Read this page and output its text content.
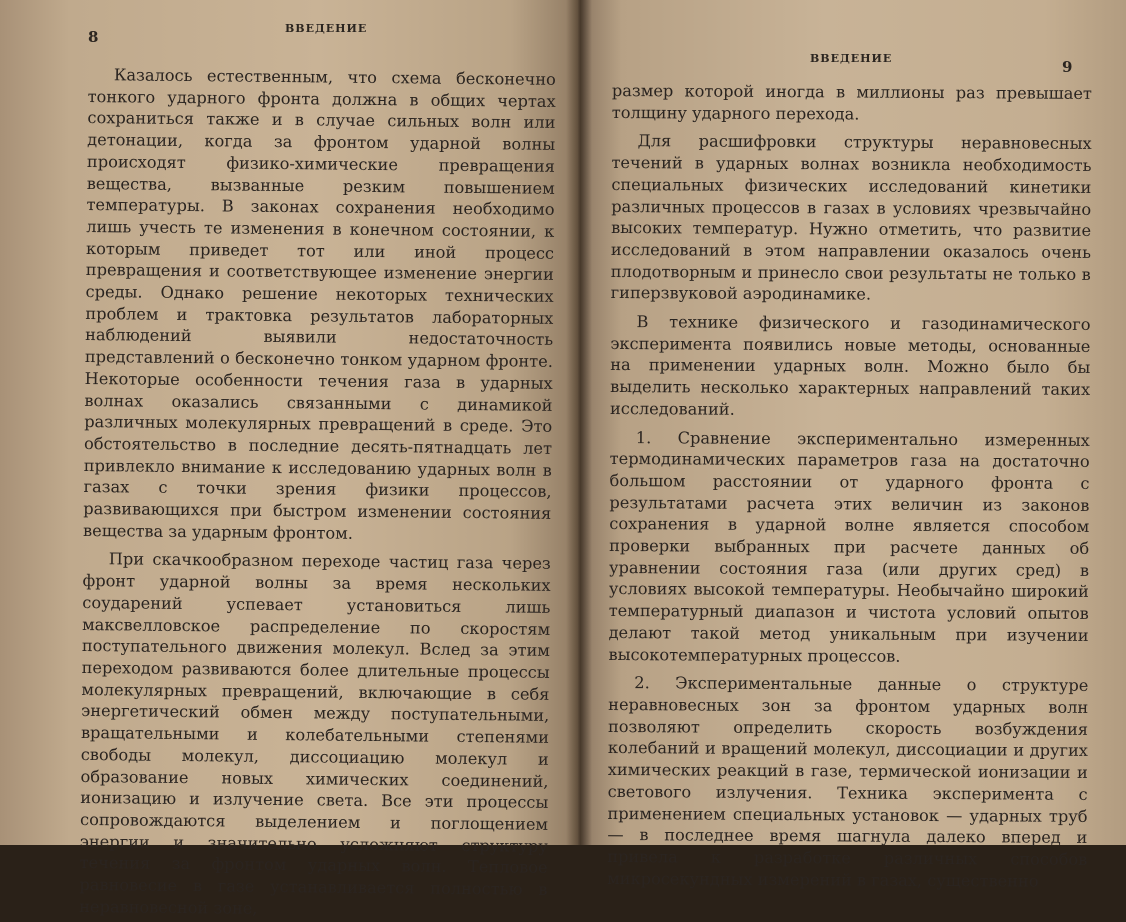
8	ВВЕДЕНИЕ

Казалось естественным, что схема бесконечно тонкого ударного фронта должна в общих чертах сохраниться также и в случае сильных волн или детонации, когда за фронтом ударной волны происходят физико-химические превращения вещества, вызванные резким повышением температуры. В законах сохранения необходимо лишь учесть те изменения в конечном состоянии, к которым приведет тот или иной процесс превращения и соответствующее изменение энергии среды. Однако решение некоторых технических проблем и трактовка результатов лабораторных наблюдений выявили недостаточность представлений о бесконечно тонком ударном фронте. Некоторые особенности течения газа в ударных волнах оказались связанными с динамикой различных молекулярных превращений в среде. Это обстоятельство в последние десять-пятнадцать лет привлекло внимание к исследованию ударных волн в газах с точки зрения физики процессов, развивающихся при быстром изменении состояния вещества за ударным фронтом.

При скачкообразном переходе частиц газа через фронт ударной волны за время нескольких соударений успевает установиться лишь максвелловское распределение по скоростям поступательного движения молекул. Вслед за этим переходом развиваются более длительные процессы молекулярных превращений, включающие в себя энергетический обмен между поступательными, вращательными и колебательными степенями свободы молекул, диссоциацию молекул и образование новых химических соединений, ионизацию и излучение света. Все эти процессы сопровождаются выделением и поглощением энергии и значительно усложняют структуру течения за фронтом ударных волн. Тепловое равновесие в газе устанавливается полностью в неравновесной зоне,

ВВЕДЕНИЕ	9

размер которой иногда в миллионы раз превышает толщину ударного перехода.

Для расшифровки структуры неравновесных течений в ударных волнах возникла необходимость специальных физических исследований кинетики различных процессов в газах в условиях чрезвычайно высоких температур. Нужно отметить, что развитие исследований в этом направлении оказалось очень плодотворным и принесло свои результаты не только в гиперзвуковой аэродинамике.

В технике физического и газодинамического эксперимента появились новые методы, основанные на применении ударных волн. Можно было бы выделить несколько характерных направлений таких исследований.

1. Сравнение экспериментально измеренных термодинамических параметров газа на достаточно большом расстоянии от ударного фронта с результатами расчета этих величин из законов сохранения в ударной волне является способом проверки выбранных при расчете данных об уравнении состояния газа (или других сред) в условиях высокой температуры. Необычайно широкий температурный диапазон и чистота условий опытов делают такой метод уникальным при изучении высокотемпературных процессов.

2. Экспериментальные данные о структуре неравновесных зон за фронтом ударных волн позволяют определить скорость возбуждения колебаний и вращений молекул, диссоциации и других химических реакций в газе, термической ионизации и светового излучения. Техника эксперимента с применением специальных установок — ударных труб — в последнее время шагнула далеко вперед и привела к разработке различных способов микросекундных измерений в газах, существенно
